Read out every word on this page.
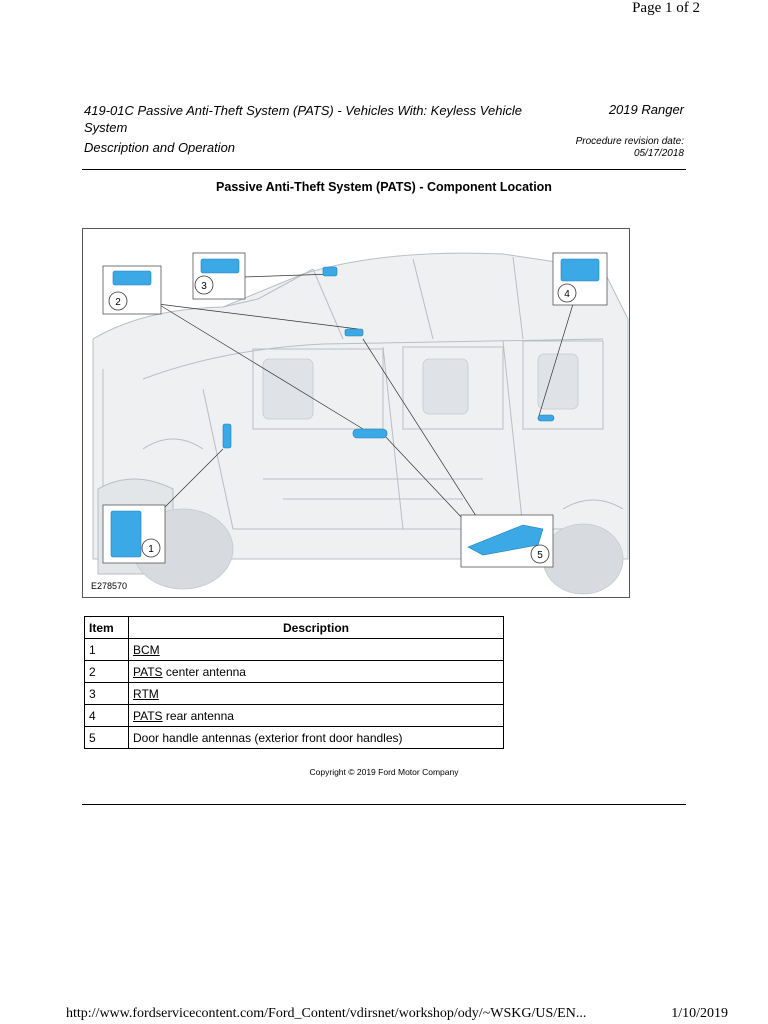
Page 1 of 2
419-01C Passive Anti-Theft System (PATS) - Vehicles With: Keyless Vehicle System
2019 Ranger
Description and Operation	Procedure revision date:
05/17/2018
Passive Anti-Theft System (PATS) - Component Location
2
3
4
1
5
E278570
Item	Description
1	BCM
2	PATS center antenna
3	RTM
4	PATS rear antenna
5	Door handle antennas (exterior front door handles)
Copyright © 2019 Ford Motor Company
http://www.fordservicecontent.com/Ford_Content/vdirsnet/workshop/ody/~WSKG/US/EN...	1/10/2019
